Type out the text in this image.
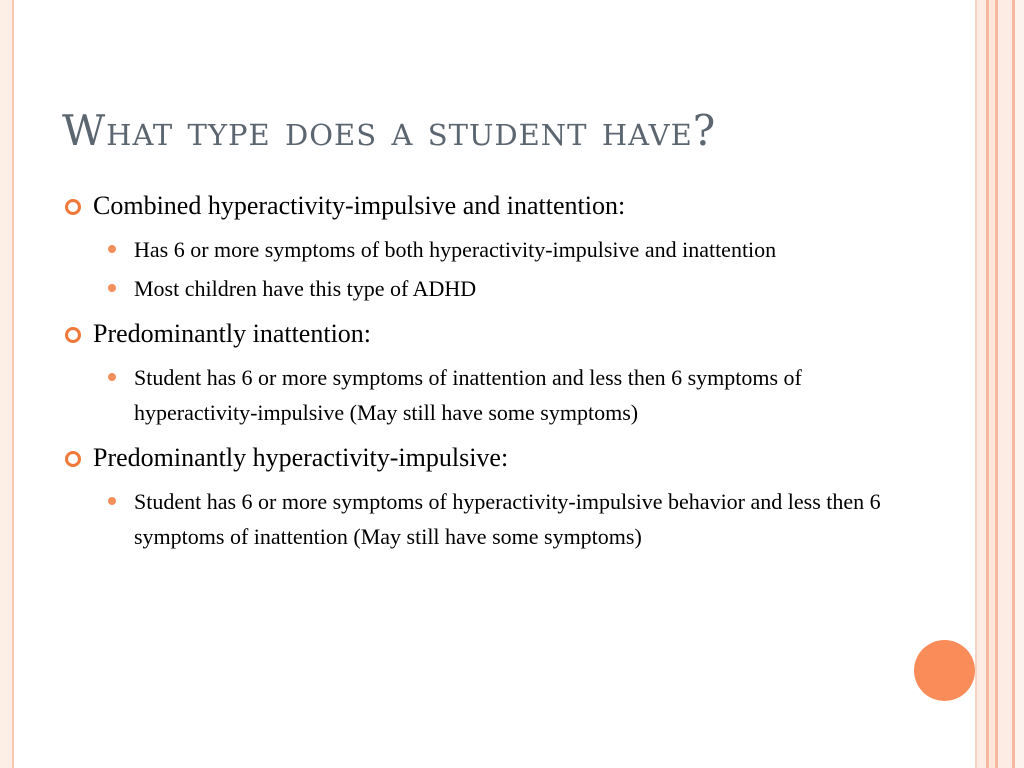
What type does a student have?
Combined hyperactivity-impulsive and inattention:
Has 6 or more symptoms of both hyperactivity-impulsive and inattention
Most children have this type of ADHD
Predominantly inattention:
Student has 6 or more symptoms of inattention and less then 6 symptoms of hyperactivity-impulsive (May still have some symptoms)
Predominantly hyperactivity-impulsive:
Student has 6 or more symptoms of hyperactivity-impulsive behavior and less then 6 symptoms of inattention (May still have some symptoms)
